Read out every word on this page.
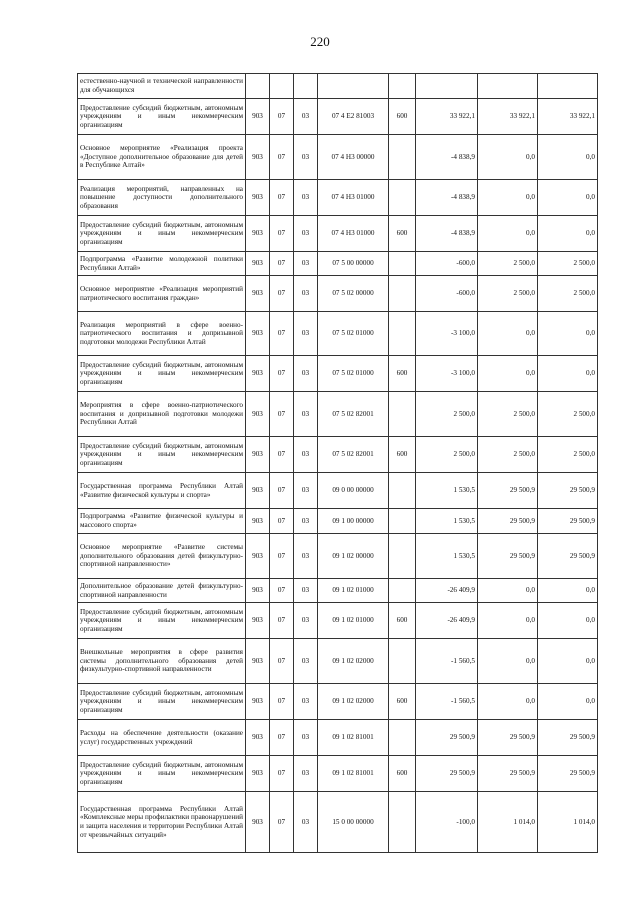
220
естественно-научной и технической направленности для обучающихся								
Предоставление субсидий бюджетным, автономным учреждениям и иным некоммерческим организациям	903	07	03	07 4 Е2 81003	600	33 922,1	33 922,1	33 922,1
Основное мероприятие «Реализация проекта «Доступное дополнительное образование для детей в Республике Алтай»	903	07	03	07 4 Н3 00000		-4 838,9	0,0	0,0
Реализация мероприятий, направленных на повышение доступности дополнительного образования	903	07	03	07 4 Н3 01000		-4 838,9	0,0	0,0
Предоставление субсидий бюджетным, автономным учреждениям и иным некоммерческим организациям	903	07	03	07 4 Н3 01000	600	-4 838,9	0,0	0,0
Подпрограмма «Развитие молодежной политики Республики Алтай»	903	07	03	07 5 00 00000		-600,0	2 500,0	2 500,0
Основное мероприятие «Реализация мероприятий патриотического воспитания граждан»	903	07	03	07 5 02 00000		-600,0	2 500,0	2 500,0
Реализация мероприятий в сфере военно-патриотического воспитания и допризывной подготовки молодежи Республики Алтай	903	07	03	07 5 02 01000		-3 100,0	0,0	0,0
Предоставление субсидий бюджетным, автономным учреждениям и иным некоммерческим организациям	903	07	03	07 5 02 01000	600	-3 100,0	0,0	0,0
Мероприятия в сфере военно-патриотического воспитания и допризывной подготовки молодежи Республики Алтай	903	07	03	07 5 02 82001		2 500,0	2 500,0	2 500,0
Предоставление субсидий бюджетным, автономным учреждениям и иным некоммерческим организациям	903	07	03	07 5 02 82001	600	2 500,0	2 500,0	2 500,0
Государственная программа Республики Алтай «Развитие физической культуры и спорта»	903	07	03	09 0 00 00000		1 530,5	29 500,9	29 500,9
Подпрограмма «Развитие физической культуры и массового спорта»	903	07	03	09 1 00 00000		1 530,5	29 500,9	29 500,9
Основное мероприятие «Развитие системы дополнительного образования детей физкультурно-спортивной направленности»	903	07	03	09 1 02 00000		1 530,5	29 500,9	29 500,9
Дополнительное образование детей физкультурно-спортивной направленности	903	07	03	09 1 02 01000		-26 409,9	0,0	0,0
Предоставление субсидий бюджетным, автономным учреждениям и иным некоммерческим организациям	903	07	03	09 1 02 01000	600	-26 409,9	0,0	0,0
Внешкольные мероприятия в сфере развития системы дополнительного образования детей физкультурно-спортивной направленности	903	07	03	09 1 02 02000		-1 560,5	0,0	0,0
Предоставление субсидий бюджетным, автономным учреждениям и иным некоммерческим организациям	903	07	03	09 1 02 02000	600	-1 560,5	0,0	0,0
Расходы на обеспечение деятельности (оказание услуг) государственных учреждений	903	07	03	09 1 02 81001		29 500,9	29 500,9	29 500,9
Предоставление субсидий бюджетным, автономным учреждениям и иным некоммерческим организациям	903	07	03	09 1 02 81001	600	29 500,9	29 500,9	29 500,9
Государственная программа Республики Алтай «Комплексные меры профилактики правонарушений и защита населения и территории Республики Алтай от чрезвычайных ситуаций»	903	07	03	15 0 00 00000		-100,0	1 014,0	1 014,0
